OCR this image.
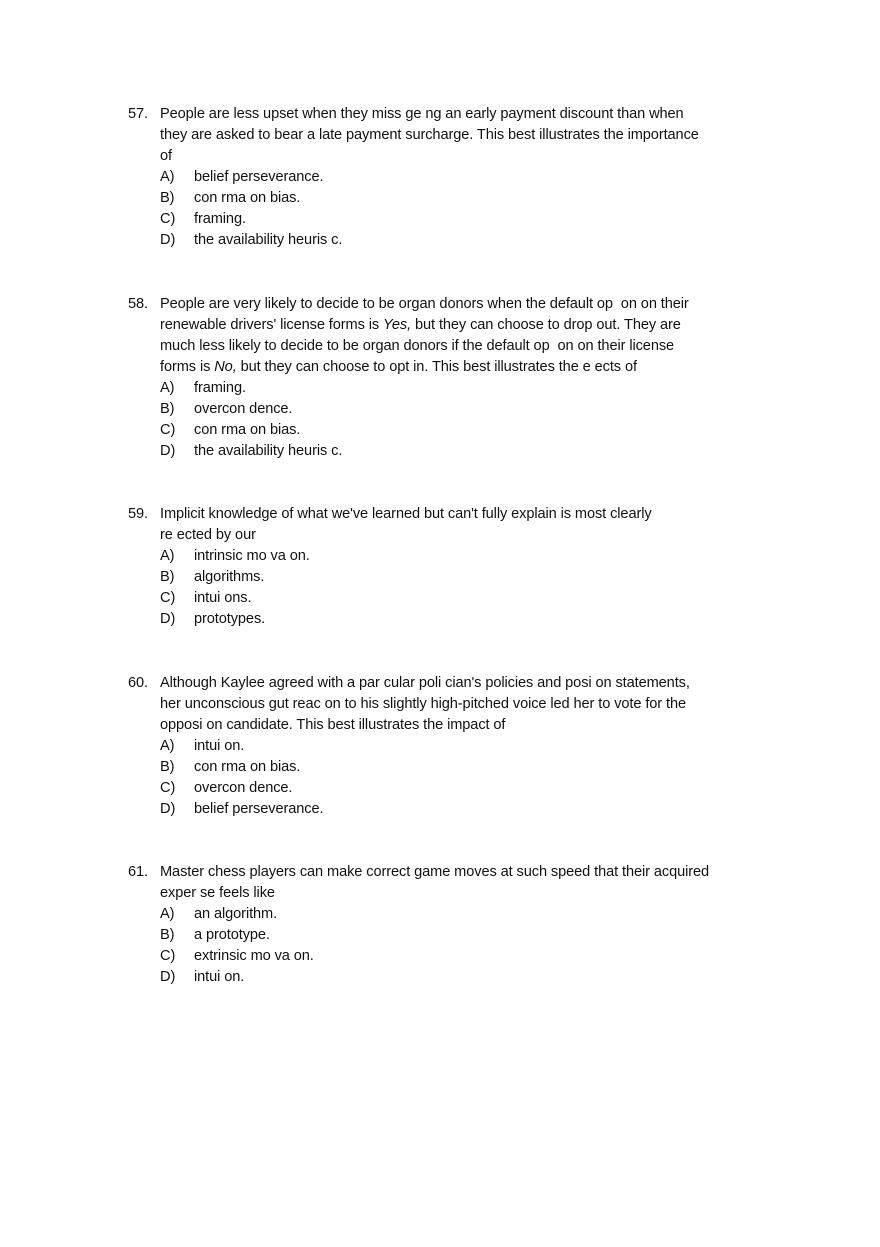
57. People are less upset when they miss ge ng an early payment discount than when
they are asked to bear a late payment surcharge. This best illustrates the importance
of
A) belief perseverance.
B) con rma on bias.
C) framing.
D) the availability heuris c.
58. People are very likely to decide to be organ donors when the default op  on on their
renewable drivers' license forms is Yes, but they can choose to drop out. They are
much less likely to decide to be organ donors if the default op  on on their license
forms is No, but they can choose to opt in. This best illustrates the e ects of
A) framing.
B) overcon dence.
C) con rma on bias.
D) the availability heuris c.
59. Implicit knowledge of what we've learned but can't fully explain is most clearly
re ected by our
A) intrinsic mo va on.
B) algorithms.
C) intui ons.
D) prototypes.
60. Although Kaylee agreed with a par cular poli cian's policies and posi on statements,
her unconscious gut reac on to his slightly high-pitched voice led her to vote for the
opposi on candidate. This best illustrates the impact of
A) intui on.
B) con rma on bias.
C) overcon dence.
D) belief perseverance.
61. Master chess players can make correct game moves at such speed that their acquired
exper se feels like
A) an algorithm.
B) a prototype.
C) extrinsic mo va on.
D) intui on.
